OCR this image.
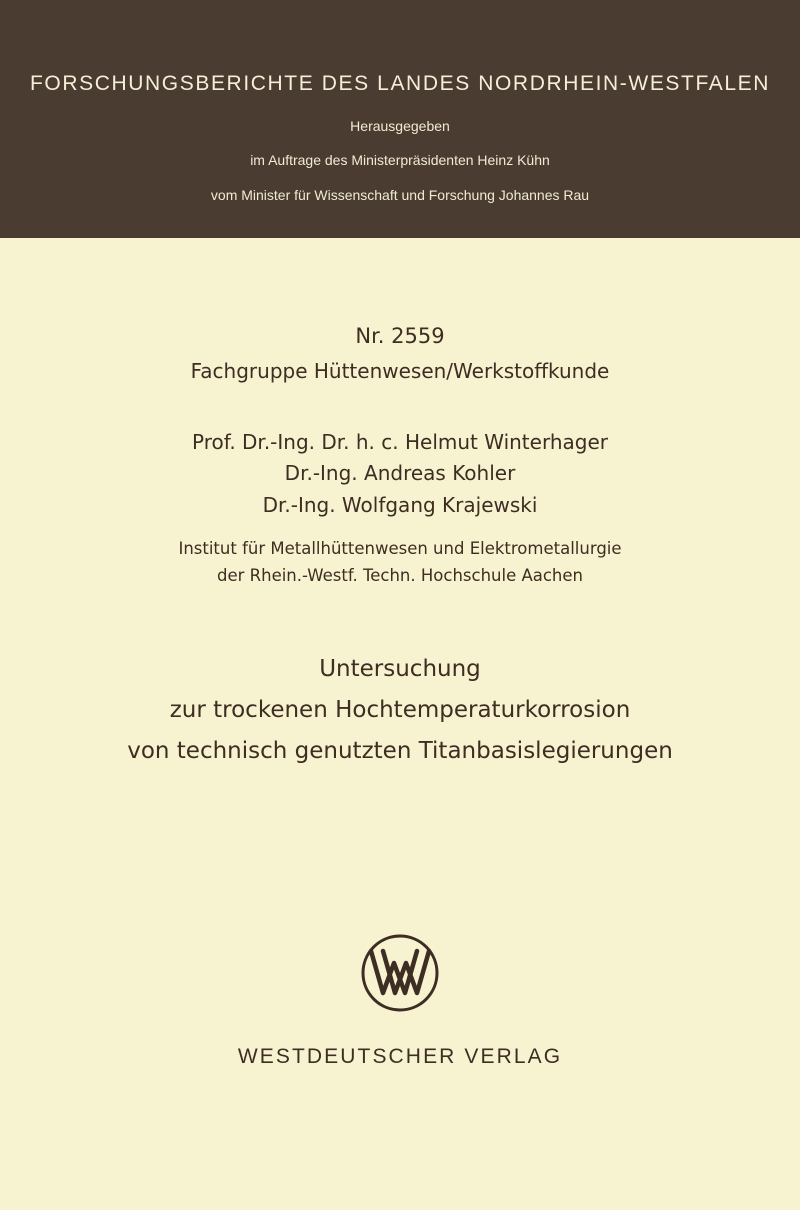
FORSCHUNGSBERICHTE DES LANDES NORDRHEIN-WESTFALEN
Herausgegeben
im Auftrage des Ministerpräsidenten Heinz Kühn
vom Minister für Wissenschaft und Forschung Johannes Rau
Nr. 2559
Fachgruppe Hüttenwesen/Werkstoffkunde
Prof. Dr.-Ing. Dr. h. c. Helmut Winterhager
Dr.-Ing. Andreas Kohler
Dr.-Ing. Wolfgang Krajewski
Institut für Metallhüttenwesen und Elektrometallurgie
der Rhein.-Westf. Techn. Hochschule Aachen
Untersuchung
zur trockenen Hochtemperaturkorrosion
von technisch genutzten Titanbasislegierungen
WESTDEUTSCHER VERLAG
